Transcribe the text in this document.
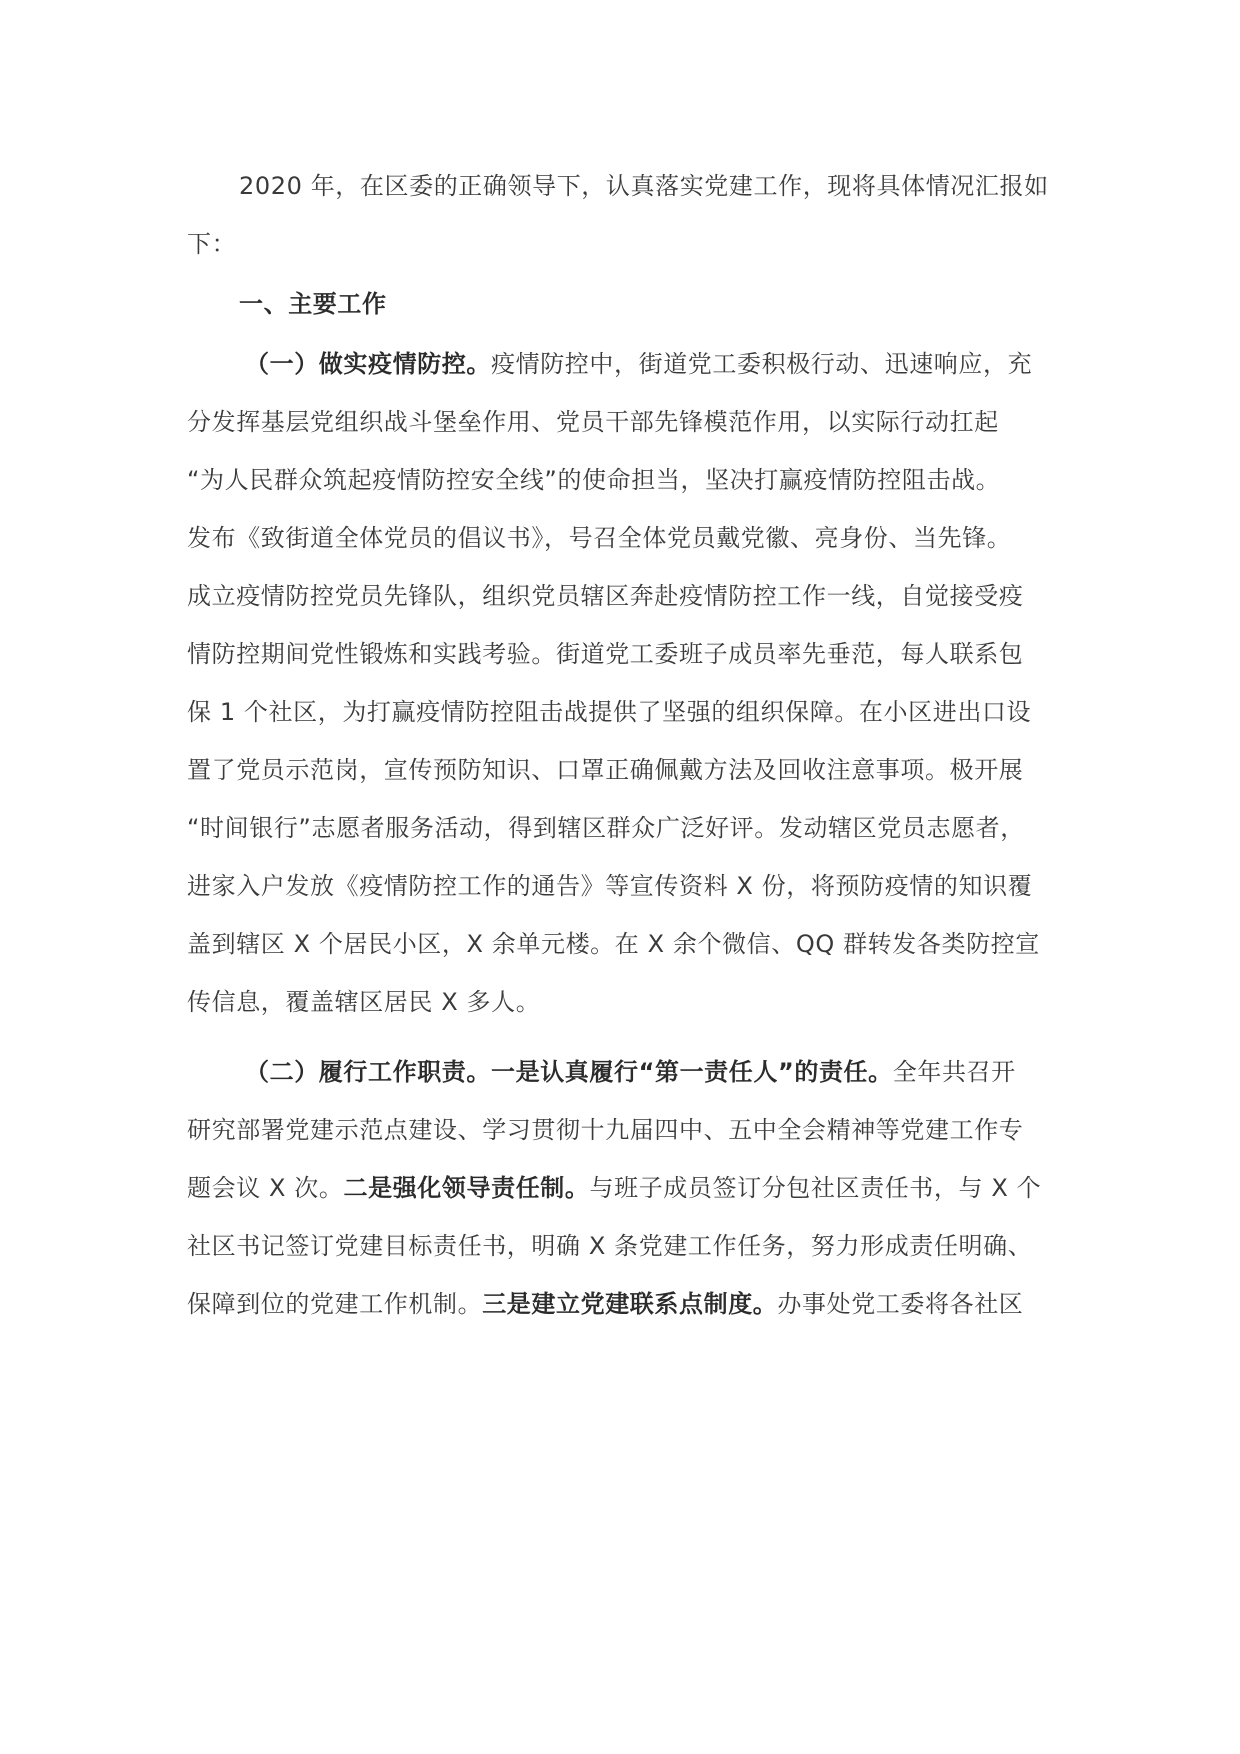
2020 年，在区委的正确领导下，认真落实党建工作，现将具体情况汇报如
下：
一、主要工作
（一）做实疫情防控。疫情防控中，街道党工委积极行动、迅速响应，充
分发挥基层党组织战斗堡垒作用、党员干部先锋模范作用，以实际行动扛起
“为人民群众筑起疫情防控安全线”的使命担当，坚决打赢疫情防控阻击战。
发布《致街道全体党员的倡议书》，号召全体党员戴党徽、亮身份、当先锋。
成立疫情防控党员先锋队，组织党员辖区奔赴疫情防控工作一线，自觉接受疫
情防控期间党性锻炼和实践考验。街道党工委班子成员率先垂范，每人联系包
保 1 个社区，为打赢疫情防控阻击战提供了坚强的组织保障。在小区进出口设
置了党员示范岗，宣传预防知识、口罩正确佩戴方法及回收注意事项。极开展
“时间银行”志愿者服务活动，得到辖区群众广泛好评。发动辖区党员志愿者，
进家入户发放《疫情防控工作的通告》等宣传资料 X 份，将预防疫情的知识覆
盖到辖区 X 个居民小区，X 余单元楼。在 X 余个微信、QQ 群转发各类防控宣
传信息，覆盖辖区居民 X 多人。
（二）履行工作职责。一是认真履行“第一责任人”的责任。全年共召开
研究部署党建示范点建设、学习贯彻十九届四中、五中全会精神等党建工作专
题会议 X 次。二是强化领导责任制。与班子成员签订分包社区责任书，与 X 个
社区书记签订党建目标责任书，明确 X 条党建工作任务，努力形成责任明确、
保障到位的党建工作机制。三是建立党建联系点制度。办事处党工委将各社区
